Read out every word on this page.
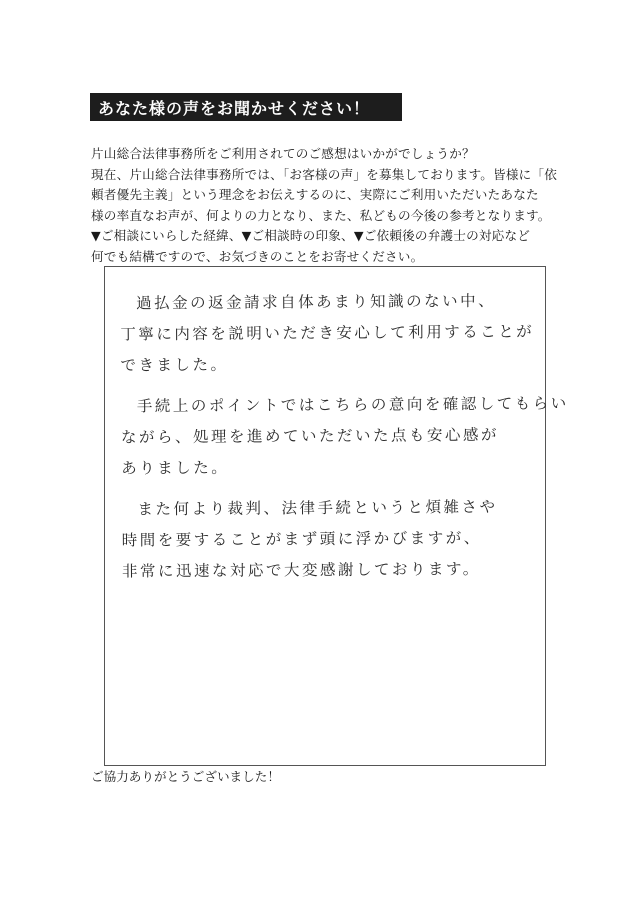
あなた様の声をお聞かせください！
片山総合法律事務所をご利用されてのご感想はいかがでしょうか？
現在、片山総合法律事務所では、「お客様の声」を募集しております。皆様に「依
頼者優先主義」という理念をお伝えするのに、実際にご利用いただいたあなた
様の率直なお声が、何よりの力となり、また、私どもの今後の参考となります。
▼ご相談にいらした経緯、▼ご相談時の印象、▼ご依頼後の弁護士の対応など
何でも結構ですので、お気づきのことをお寄せください。
過払金の返金請求自体あまり知識のない中、
丁寧に内容を説明いただき安心して利用することが
できました。
手続上のポイントではこちらの意向を確認してもらい
ながら、処理を進めていただいた点も安心感が
ありました。
また何より裁判、法律手続というと煩雑さや
時間を要することがまず頭に浮かびますが、
非常に迅速な対応で大変感謝しております。
ご協力ありがとうございました！
